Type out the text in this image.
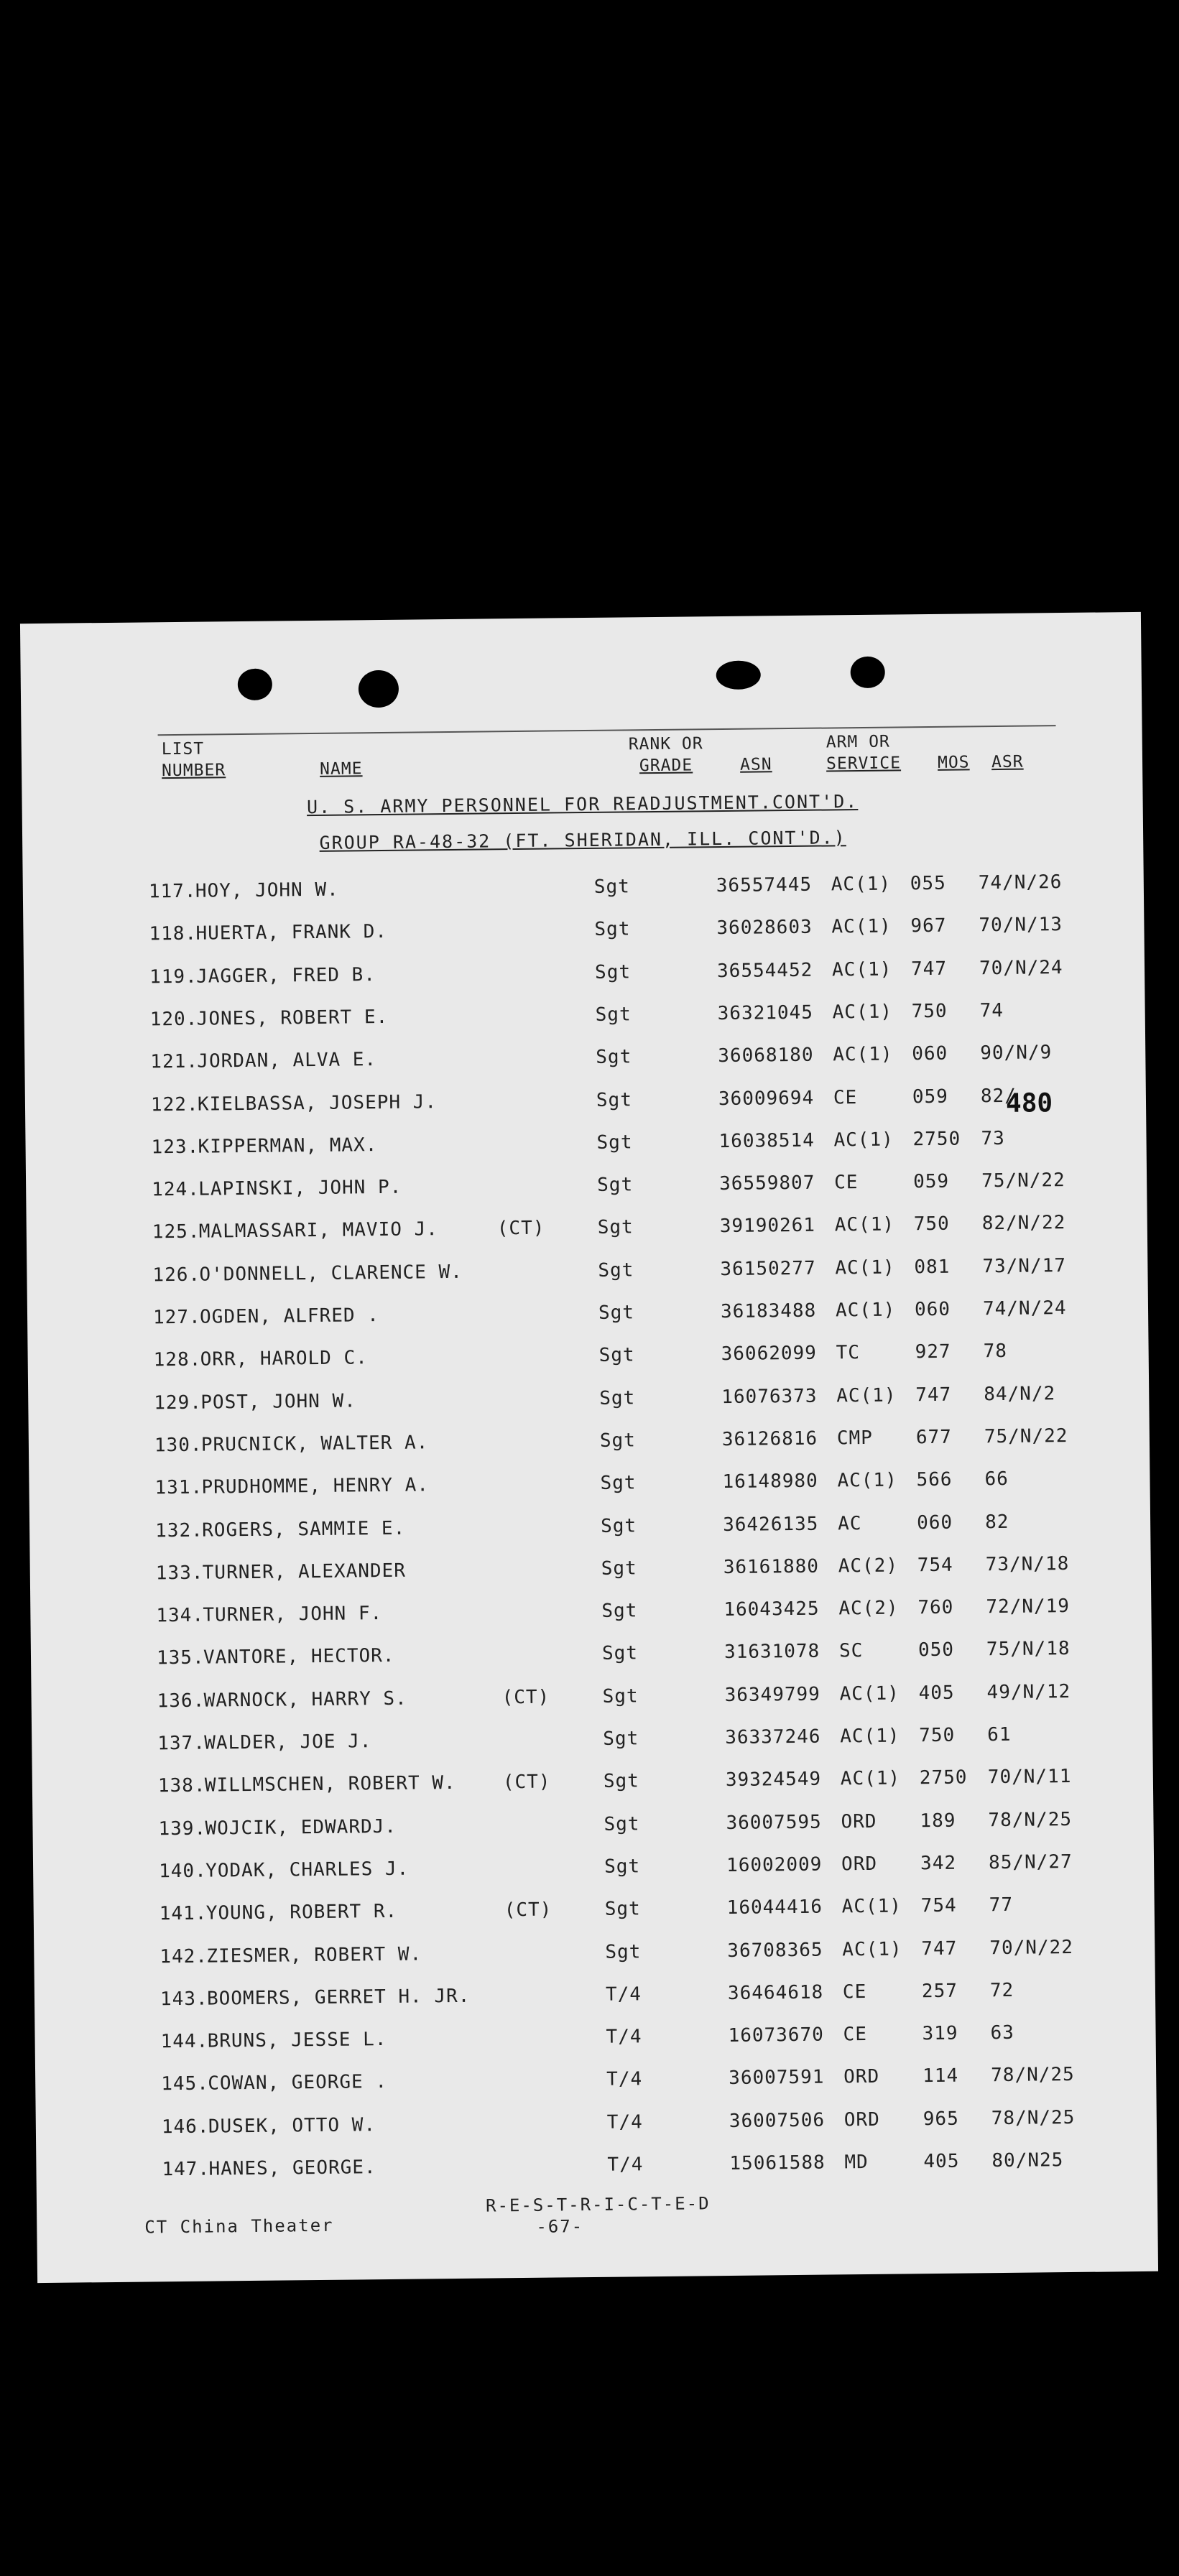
LIST
NUMBER	NAME
RANK OR
GRADE	ASN
ARM OR
SERVICE MOS ASR
U. S. ARMY PERSONNEL FOR READJUSTMENT.CONT'D.
GROUP RA-48-32 (FT. SHERIDAN, ILL. CONT'D.)
117.
HOY, JOHN W.	Sgt	36557445 AC(1) 055 74/N/26
118.
HUERTA, FRANK D.	Sgt	36028603 AC(1) 967 70/N/13
119.
JAGGER, FRED B.	Sgt	36554452 AC(1) 747 70/N/24
120.
JONES, ROBERT E.	Sgt	36321045 AC(1) 750 74
121.
JORDAN, ALVA E.	Sgt	36068180 AC(1) 060 90/N/9
122.
KIELBASSA, JOSEPH J.	Sgt	36009694 CE	059 82/
123.
KIPPERMAN, MAX.	Sgt	16038514 AC(1) 2750 73
124.
LAPINSKI, JOHN P.	Sgt	36559807 CE	059 75/N/22
125.
MALMASSARI, MAVIO J.	(CT)	Sgt	39190261 AC(1) 750 82/N/22
126.
O'DONNELL, CLARENCE W.	Sgt	36150277 AC(1) 081 73/N/17
127.
OGDEN, ALFRED .	Sgt	36183488 AC(1) 060 74/N/24
128.
ORR, HAROLD C.	Sgt	36062099 TC	927 78
129.
POST, JOHN W.	Sgt	16076373 AC(1) 747 84/N/2
130.
PRUCNICK, WALTER A.	Sgt	36126816 CMP 677 75/N/22
131.
PRUDHOMME, HENRY A.	Sgt	16148980 AC(1) 566 66
132.
ROGERS, SAMMIE E.	Sgt	36426135 AC	060 82
133.
TURNER, ALEXANDER	Sgt	36161880 AC(2) 754 73/N/18
134.
TURNER, JOHN F.	Sgt	16043425 AC(2) 760 72/N/19
135.
VANTORE, HECTOR.	Sgt	31631078 SC	050 75/N/18
136.
WARNOCK, HARRY S.	(CT)	Sgt	36349799 AC(1) 405 49/N/12
137.
WALDER, JOE J.	Sgt	36337246 AC(1) 750 61
138.
WILLMSCHEN, ROBERT W. (CT)	Sgt	39324549 AC(1) 2750 70/N/11
139.
WOJCIK, EDWARDJ.	Sgt	36007595 ORD 189 78/N/25
140.
YODAK, CHARLES J.	Sgt	16002009 ORD 342 85/N/27
141.
YOUNG, ROBERT R.	(CT)	Sgt	16044416 AC(1) 754 77
142.
ZIESMER, ROBERT W.	Sgt	36708365 AC(1) 747 70/N/22
143.
BOOMERS, GERRET H. JR.	T/4	36464618 CE	257 72
144.
BRUNS, JESSE L.	T/4	16073670 CE	319 63
145.
COWAN, GEORGE .	T/4	36007591 ORD 114 78/N/25
146.
DUSEK, OTTO W.	T/4	36007506 ORD 965 78/N/25
147.
HANES, GEORGE.	T/4	15061588 MD	405 80/N25
480
CT China Theater
R-E-S-T-R-I-C-T-E-D
-67-
